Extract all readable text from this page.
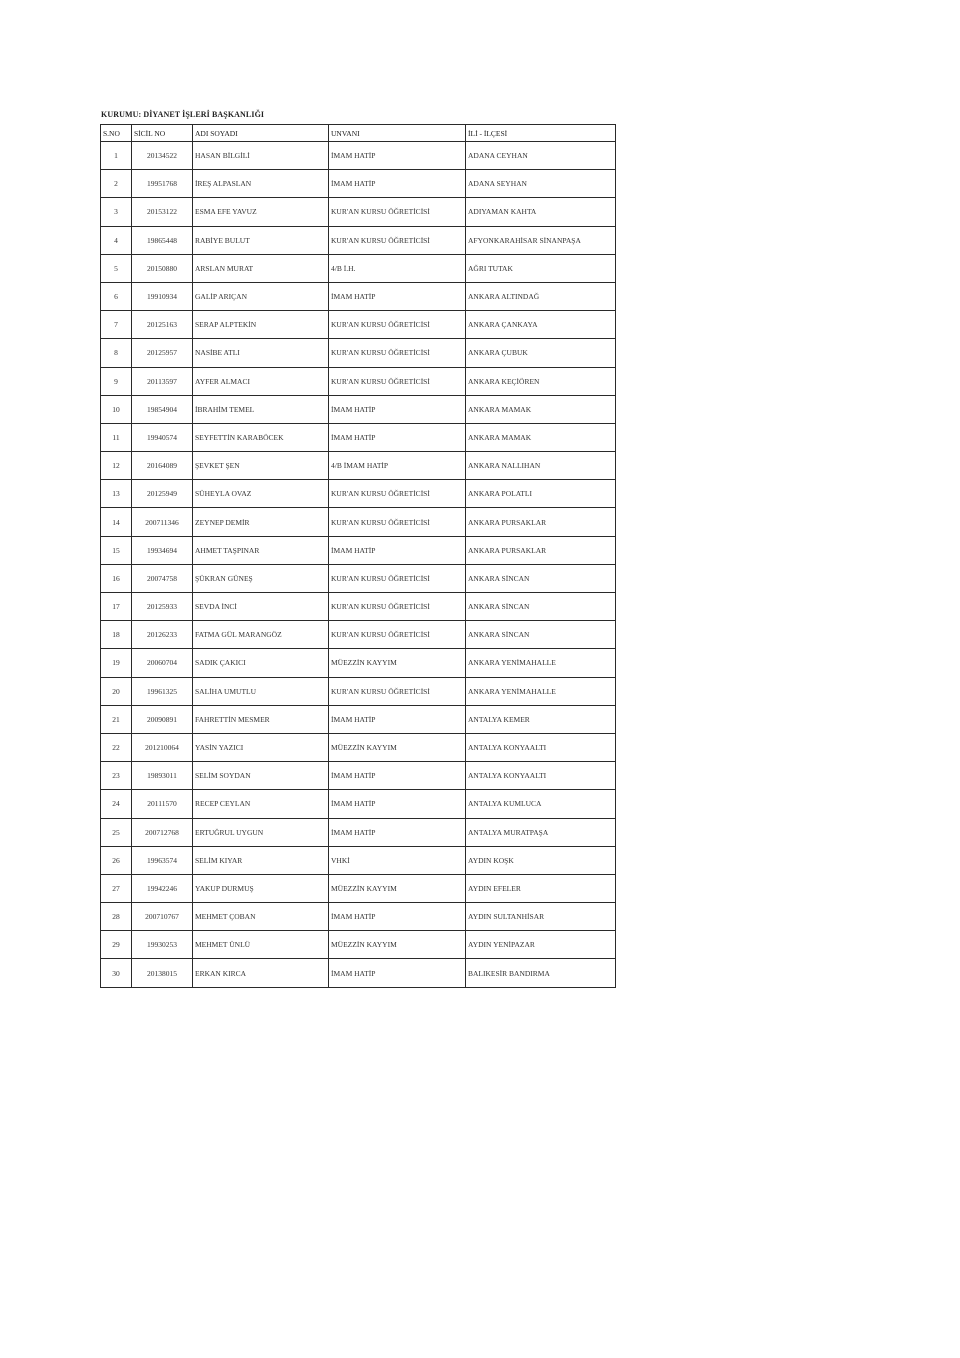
KURUMU: DİYANET İŞLERİ BAŞKANLIĞI
S.NO	SİCİL NO	ADI SOYADI	UNVANI	İLİ - İLÇESİ
1	20134522	HASAN BİLGİLİ	İMAM HATİP	ADANA CEYHAN
2	19951768	İREŞ ALPASLAN	İMAM HATİP	ADANA SEYHAN
3	20153122	ESMA EFE YAVUZ	KUR'AN KURSU ÖĞRETİCİSİ	ADIYAMAN KAHTA
4	19865448	RABİYE BULUT	KUR'AN KURSU ÖĞRETİCİSİ	AFYONKARAHİSAR SİNANPAŞA
5	20150880	ARSLAN MURAT	4/B İ.H.	AĞRI TUTAK
6	19910934	GALİP ARIÇAN	İMAM HATİP	ANKARA ALTINDAĞ
7	20125163	SERAP ALPTEKİN	KUR'AN KURSU ÖĞRETİCİSİ	ANKARA ÇANKAYA
8	20125957	NASİBE ATLI	KUR'AN KURSU ÖĞRETİCİSİ	ANKARA ÇUBUK
9	20113597	AYFER ALMACI	KUR'AN KURSU ÖĞRETİCİSİ	ANKARA KEÇİÖREN
10	19854904	İBRAHİM TEMEL	İMAM HATİP	ANKARA MAMAK
11	19940574	SEYFETTİN KARABÖCEK	İMAM HATİP	ANKARA MAMAK
12	20164089	ŞEVKET ŞEN	4/B İMAM HATİP	ANKARA NALLIHAN
13	20125949	SÜHEYLA OVAZ	KUR'AN KURSU ÖĞRETİCİSİ	ANKARA POLATLI
14	200711346	ZEYNEP DEMİR	KUR'AN KURSU ÖĞRETİCİSİ	ANKARA PURSAKLAR
15	19934694	AHMET TAŞPINAR	İMAM HATİP	ANKARA PURSAKLAR
16	20074758	ŞÜKRAN GÜNEŞ	KUR'AN KURSU ÖĞRETİCİSİ	ANKARA SİNCAN
17	20125933	SEVDA İNCİ	KUR'AN KURSU ÖĞRETİCİSİ	ANKARA SİNCAN
18	20126233	FATMA GÜL MARANGÖZ	KUR'AN KURSU ÖĞRETİCİSİ	ANKARA SİNCAN
19	20060704	SADIK ÇAKICI	MÜEZZİN KAYYIM	ANKARA YENİMAHALLE
20	19961325	SALİHA UMUTLU	KUR'AN KURSU ÖĞRETİCİSİ	ANKARA YENİMAHALLE
21	20090891	FAHRETTİN MESMER	İMAM HATİP	ANTALYA KEMER
22	201210064	YASİN YAZICI	MÜEZZİN KAYYIM	ANTALYA KONYAALTI
23	19893011	SELİM SOYDAN	İMAM HATİP	ANTALYA KONYAALTI
24	20111570	RECEP CEYLAN	İMAM HATİP	ANTALYA KUMLUCA
25	200712768	ERTUĞRUL UYGUN	İMAM HATİP	ANTALYA MURATPAŞA
26	19963574	SELİM KIYAR	VHKİ	AYDIN KOŞK
27	19942246	YAKUP DURMUŞ	MÜEZZİN KAYYIM	AYDIN EFELER
28	200710767	MEHMET ÇOBAN	İMAM HATİP	AYDIN SULTANHİSAR
29	19930253	MEHMET ÜNLÜ	MÜEZZİN KAYYIM	AYDIN YENİPAZAR
30	20138015	ERKAN KIRCA	İMAM HATİP	BALIKESİR BANDIRMA
